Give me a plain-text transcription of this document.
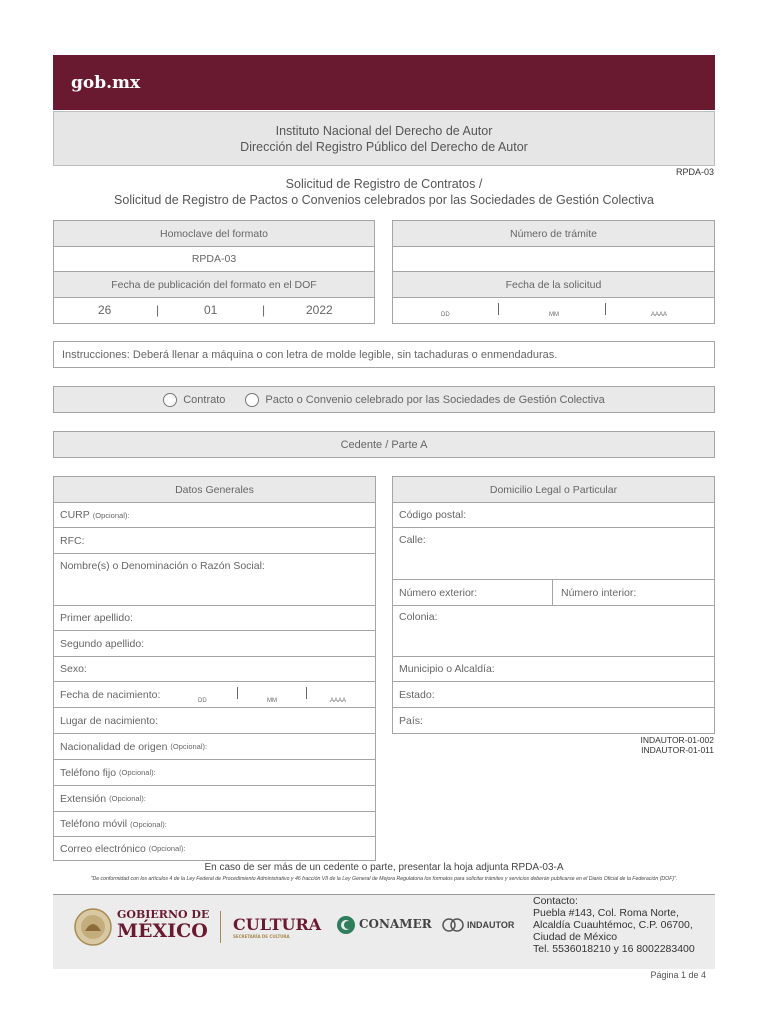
gob.mx
Instituto Nacional del Derecho de Autor
Dirección del Registro Público del Derecho de Autor
RPDA-03
Solicitud de Registro de Contratos /
Solicitud de Registro de Pactos o Convenios celebrados por las Sociedades de Gestión Colectiva
Homoclave del formato
RPDA-03
Fecha de publicación del formato en el DOF
26	|	01	|	2022
Número de trámite
Fecha de la solicitud
DD	MM	AAAA
Instrucciones: Deberá llenar a máquina o con letra de molde legible, sin tachaduras o enmendaduras.
Contrato	Pacto o Convenio celebrado por las Sociedades de Gestión Colectiva
Cedente / Parte A
Datos Generales
CURP (Opcional):
RFC:
Nombre(s) o Denominación o Razón Social:
Primer apellido:
Segundo apellido:
Sexo:
Fecha de nacimiento:
DD	MM	AAAA
Lugar de nacimiento:
Nacionalidad de origen (Opcional):
Teléfono fijo (Opcional):
Extensión (Opcional):
Teléfono móvil (Opcional):
Correo electrónico (Opcional):
Domicilio Legal o Particular
Código postal:
Calle:
Número exterior:	Número interior:
Colonia:
Municipio o Alcaldía:
Estado:
País:
INDAUTOR-01-002
INDAUTOR-01-011
En caso de ser más de un cedente o parte, presentar la hoja adjunta RPDA-03-A
"De conformidad con los artículos 4 de la Ley Federal de Procedimiento Administrativo y 46 fracción VII de la Ley General de Mejora Regulatoria los formatos para solicitar trámites y servicios deberán publicarse en el Diario Oficial de la Federación (DOF)".
GOBIERNO DE
MÉXICO CULTURA
SECRETARÍA DE CULTURA
CONAMER	INDAUTOR
Contacto:
Puebla #143, Col. Roma Norte,
Alcaldía Cuauhtémoc, C.P. 06700,
Ciudad de México
Tel. 5536018210 y 16 8002283400
Página 1 de 4
